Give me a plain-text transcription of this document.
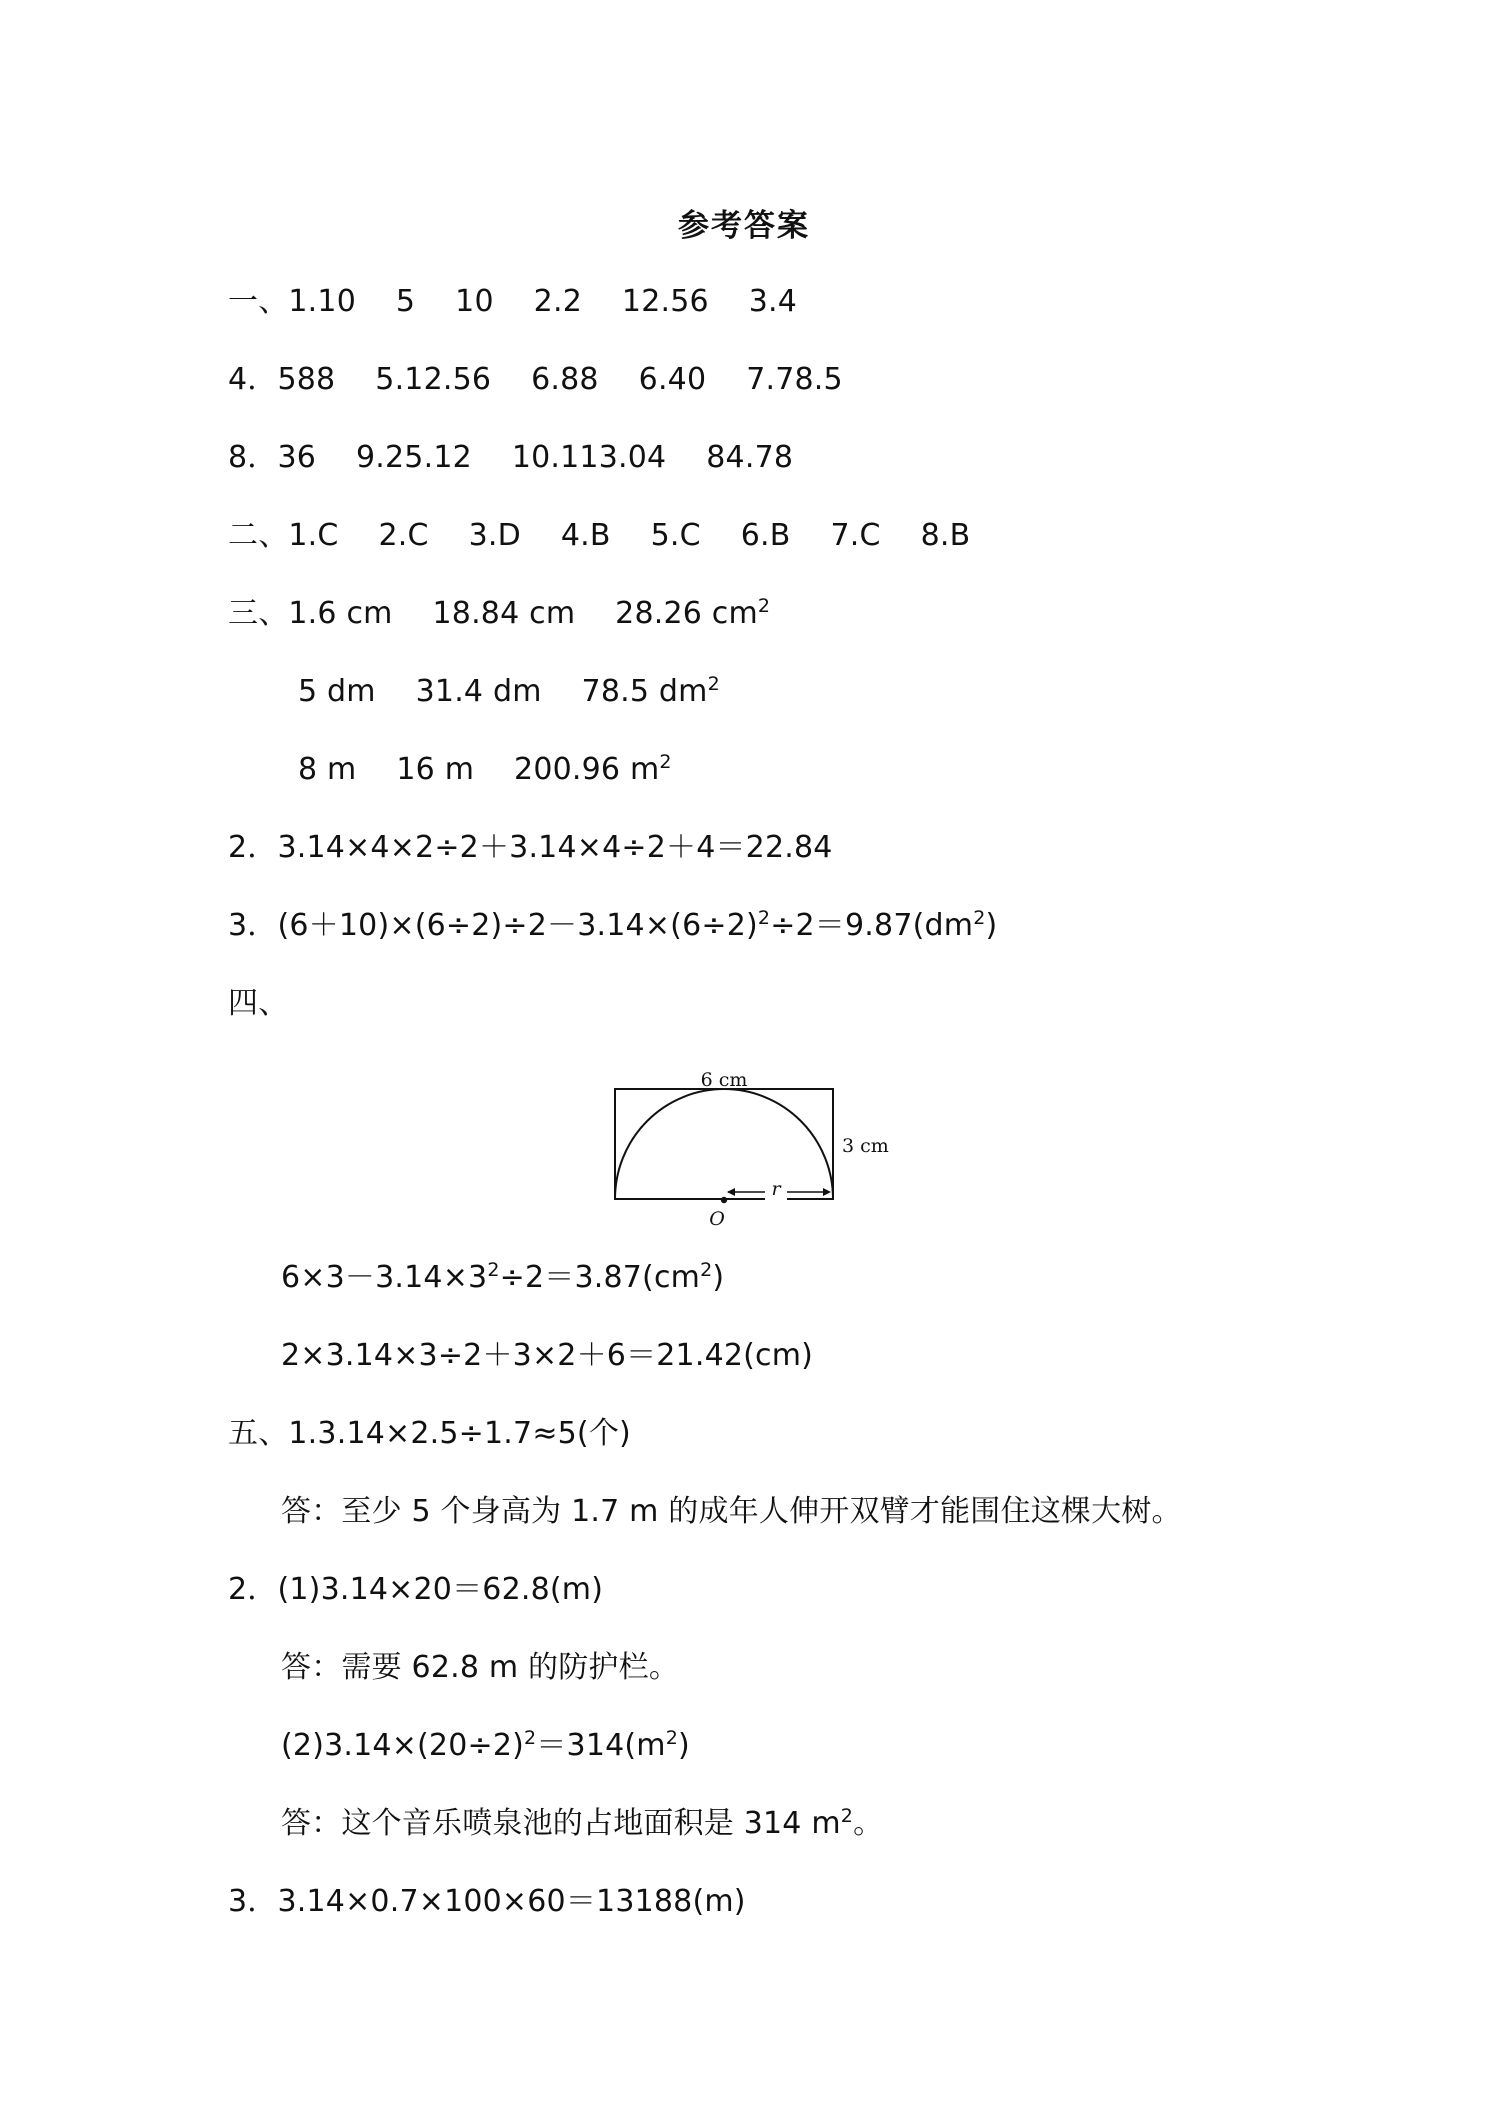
参考答案
一、1.10　 5　 10　 2.2　 12.56　 3.4
4．588　 5.12.56　 6.88　 6.40　 7.78.5
8．36　 9.25.12　 10.113.04　 84.78
二、1.C　 2.C　 3.D　 4.B　 5.C　 6.B　 7.C　 8.B
三、1.6 cm　 18.84 cm　 28.26 $cm^2$
5 dm　 31.4 dm　 78.5 $dm^2$
8 m　 16 m　 200.96 $m^2$
2．3.14×4×2÷2＋3.14×4÷2＋4＝22.84
3．$(6+10)\times(6\div 2)\div 2-3.14\times(6\div 2)^2\div 2=9.87(dm^2)$
四、
r
6 cm
3 cm
O
$6\times 3-3.14\times 3^2\div 2=3.87(cm^2)$
2×3.14×3÷2＋3×2＋6＝21.42(cm)
五、1.3.14×2.5÷1.7≈5(个)
答：至少 5 个身高为 1.7 m 的成年人伸开双臂才能围住这棵大树。
2．(1)3.14×20＝62.8(m)
答：需要 62.8 m 的防护栏。
$(2)3.14\times(20\div 2)^2=314(m^2)$
答：这个音乐喷泉池的占地面积是 314 $m^2$。
3．3.14×0.7×100×60＝13188(m)
